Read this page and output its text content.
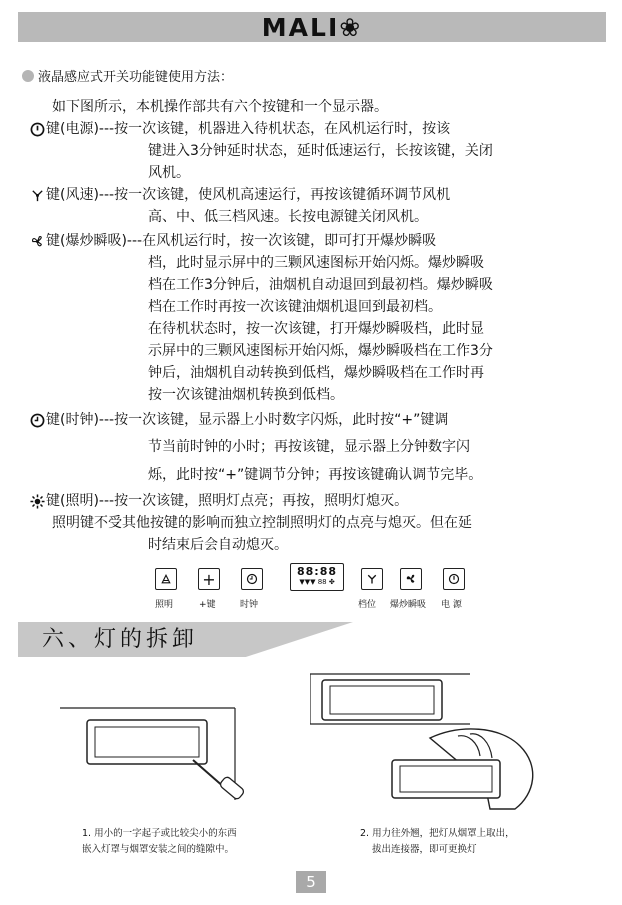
MALI❀
液晶感应式开关功能键使用方法：
如下图所示，本机操作部共有六个按键和一个显示器。
键(电源)--- 按一次该键，机器进入待机状态，在风机运行时，按该
键进入3分钟延时状态，延时低速运行，长按该键，关闭
风机。
键(风速)--- 按一次该键，使风机高速运行，再按该键循环调节风机
高、中、低三档风速。长按电源键关闭风机。
键(爆炒瞬吸)--- 在风机运行时，按一次该键，即可打开爆炒瞬吸
档，此时显示屏中的三颗风速图标开始闪烁。爆炒瞬吸
档在工作3分钟后，油烟机自动退回到最初档。爆炒瞬吸
档在工作时再按一次该键油烟机退回到最初档。
在待机状态时，按一次该键，打开爆炒瞬吸档，此时显
示屏中的三颗风速图标开始闪烁，爆炒瞬吸档在工作3分
钟后，油烟机自动转换到低档，爆炒瞬吸档在工作时再
按一次该键油烟机转换到低档。
键(时钟)--- 按一次该键，显示器上小时数字闪烁，此时按“+”键调
节当前时钟的小时；再按该键，显示器上分钟数字闪
烁，此时按“+”键调节分钟；再按该键确认调节完毕。
键(照明)--- 按一次该键，照明灯点亮；再按，照明灯熄灭。
照明键不受其他按键的影响而独立控制照明灯的点亮与熄灭。但在延
时结束后会自动熄灭。
+	88:88
▼▼▼ 88 ✤
照明	+键	时钟	档位 爆炒瞬吸 电 源
六、灯的拆卸
1. 用小的一字起子或比较尖小的东西
嵌入灯罩与烟罩安装之间的缝隙中。
2. 用力往外翘，把灯从烟罩上取出，
拔出连接器，即可更换灯
5
